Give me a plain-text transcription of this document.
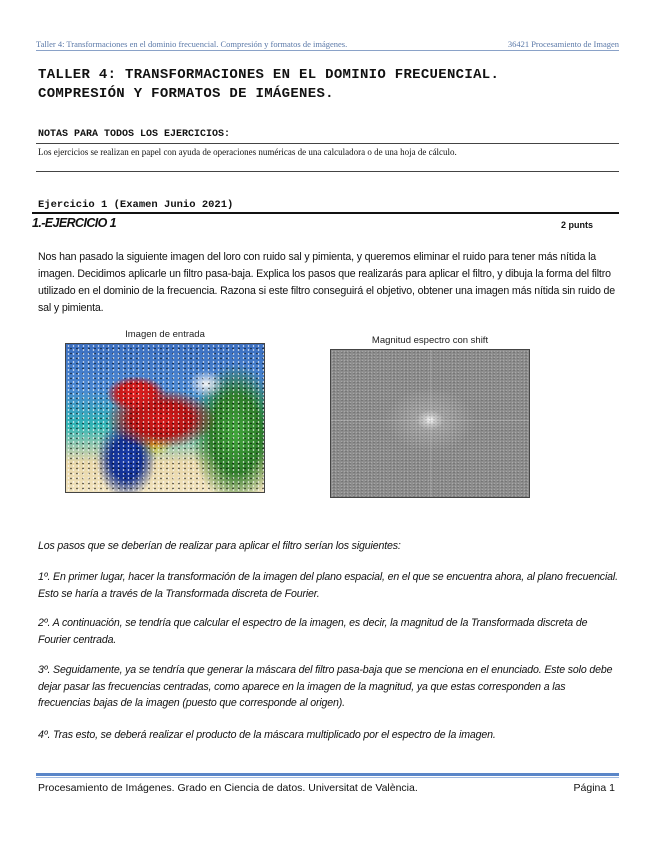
Taller 4: Transformaciones en el dominio frecuencial. Compresión y formatos de imágenes.	36421 Procesamiento de Imagen
TALLER 4: TRANSFORMACIONES EN EL DOMINIO FRECUENCIAL.
COMPRESIÓN Y FORMATOS DE IMÁGENES.
NOTAS PARA TODOS LOS EJERCICIOS:
Los ejercicios se realizan en papel con ayuda de operaciones numéricas de una calculadora o de una hoja de cálculo.
Ejercicio 1 (Examen Junio 2021)
1.-EJERCICIO 1	2 punts
Nos han pasado la siguiente imagen del loro con ruido sal y pimienta, y queremos eliminar el ruido para tener más nítida la imagen. Decidimos aplicarle un filtro pasa-baja. Explica los pasos que realizarás para aplicar el filtro, y dibuja la forma del filtro utilizado en el dominio de la frecuencia. Razona si este filtro conseguirá el objetivo, obtener una imagen más nítida sin ruido de sal y pimienta.
Imagen de entrada
Magnitud espectro con shift
Los pasos que se deberían de realizar para aplicar el filtro serían los siguientes:
1º. En primer lugar, hacer la transformación de la imagen del plano espacial, en el que se encuentra ahora, al plano frecuencial. Esto se haría a través de la Transformada discreta de Fourier.
2º. A continuación, se tendría que calcular el espectro de la imagen, es decir, la magnitud de la Transformada discreta de Fourier centrada.
3º. Seguidamente, ya se tendría que generar la máscara del filtro pasa-baja que se menciona en el enunciado. Este solo debe dejar pasar las frecuencias centradas, como aparece en la imagen de la magnitud, ya que estas corresponden a las frecuencias bajas de la imagen (puesto que corresponde al origen).
4º. Tras esto, se deberá realizar el producto de la máscara multiplicado por el espectro de la imagen.
Procesamiento de Imágenes. Grado en Ciencia de datos. Universitat de València.	Página 1
